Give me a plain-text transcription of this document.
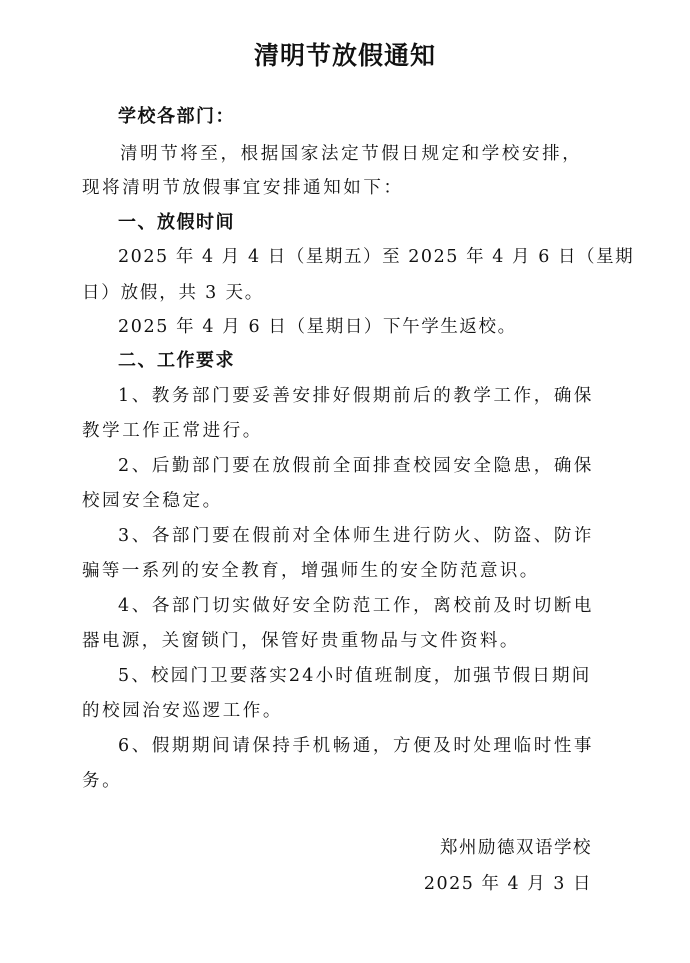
清明节放假通知
学校各部门：
清明节将至，根据国家法定节假日规定和学校安排，
现将清明节放假事宜安排通知如下：
一、放假时间
2025 年 4 月 4 日（星期五）至 2025 年 4 月 6 日（星期
日）放假，共 3 天。
2025 年 4 月 6 日（星期日）下午学生返校。
二、工作要求
1、教务部门要妥善安排好假期前后的教学工作，确保
教学工作正常进行。
2、后勤部门要在放假前全面排查校园安全隐患，确保
校园安全稳定。
3、各部门要在假前对全体师生进行防火、防盗、防诈
骗等一系列的安全教育，增强师生的安全防范意识。
4、各部门切实做好安全防范工作，离校前及时切断电
器电源，关窗锁门，保管好贵重物品与文件资料。
5、校园门卫要落实24小时值班制度，加强节假日期间
的校园治安巡逻工作。
6、假期期间请保持手机畅通，方便及时处理临时性事
务。
郑州励德双语学校
2025 年 4 月 3 日
